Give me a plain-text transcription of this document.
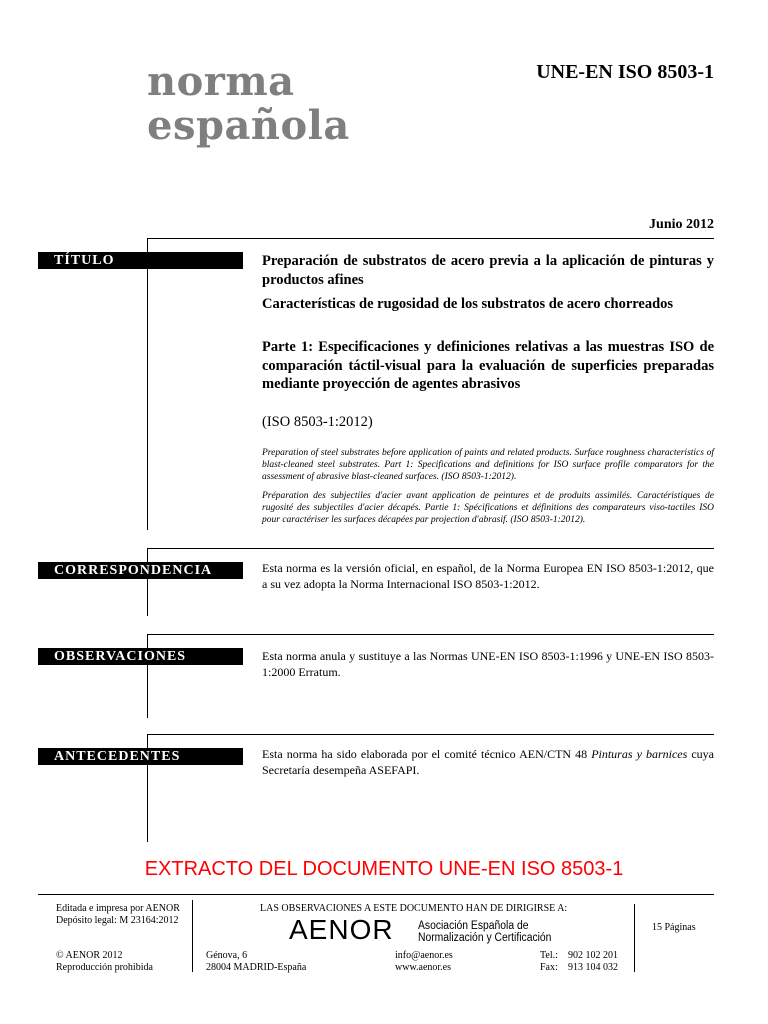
norma
española
UNE-EN ISO 8503-1
Junio 2012
TÍTULO	Preparación de substratos de acero previa a la aplicación de pinturas y productos afines
Características de rugosidad de los substratos de acero chorreados
Parte 1: Especificaciones y definiciones relativas a las muestras ISO de comparación táctil-visual para la evaluación de superficies preparadas mediante proyección de agentes abrasivos
(ISO 8503-1:2012)
Preparation of steel substrates before application of paints and related products. Surface roughness characteristics of blast-cleaned steel substrates. Part 1: Specifications and definitions for ISO surface profile comparators for the assessment of abrasive blast-cleaned surfaces. (ISO 8503-1:2012).
Préparation des subjectiles d'acier avant application de peintures et de produits assimilés. Caractéristiques de rugosité des subjectiles d'acier décapés. Partie 1: Spécifications et définitions des comparateurs viso-tactiles ISO pour caractériser les surfaces décapées par projection d'abrasif. (ISO 8503-1:2012).
CORRESPONDENCIA	Esta norma es la versión oficial, en español, de la Norma Europea EN ISO 8503-1:2012, que a su vez adopta la Norma Internacional ISO 8503-1:2012.
OBSERVACIONES	Esta norma anula y sustituye a las Normas UNE-EN ISO 8503-1:1996 y UNE-EN ISO 8503-1:2000 Erratum.
ANTECEDENTES	Esta norma ha sido elaborada por el comité técnico AEN/CTN 48 Pinturas y barnices cuya Secretaría desempeña ASEFAPI.
EXTRACTO DEL DOCUMENTO UNE-EN ISO 8503-1
Editada e impresa por AENOR
Depósito legal: M 23164:2012
© AENOR 2012
Reproducción prohibida
LAS OBSERVACIONES A ESTE DOCUMENTO HAN DE DIRIGIRSE A:
AENOR Asociación Española de
Normalización y Certificación
Génova, 6
28004 MADRID-España
info@aenor.es
www.aenor.es
Tel.: 902 102 201
Fax: 913 104 032
15 Páginas
